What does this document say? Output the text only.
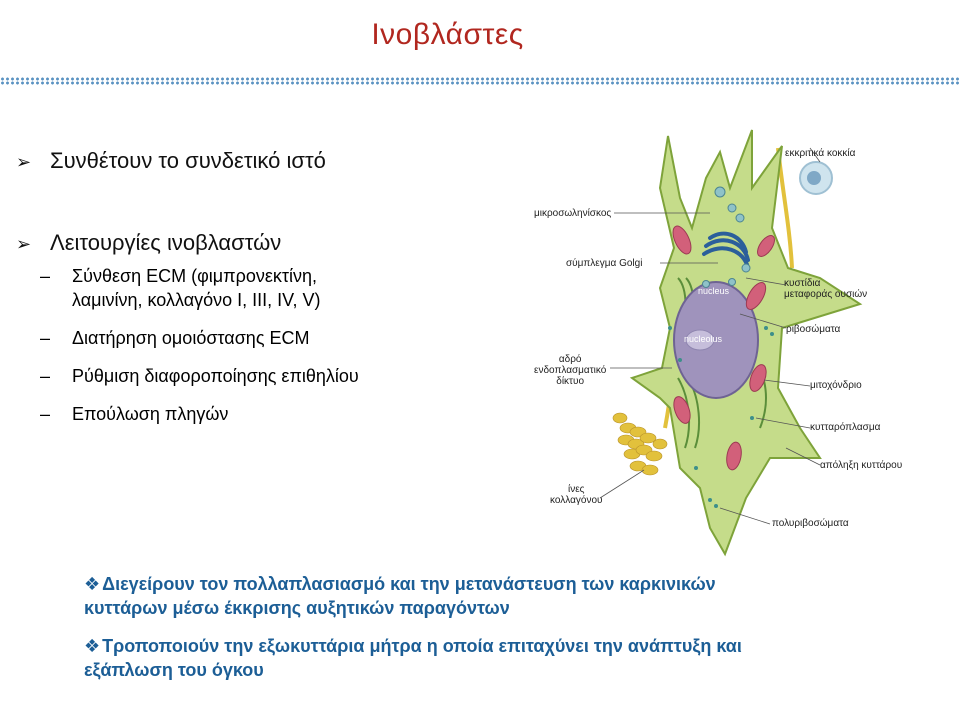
Ινοβλάστες
➢ Συνθέτουν το συνδετικό ιστό
➢ Λειτουργίες ινοβλαστών
– Σύνθεση ECM (φιμπρονεκτίνη,
λαμινίνη, κολλαγόνο I, III, IV, V)
– Διατήρηση ομοιόστασης ECM
– Ρύθμιση διαφοροποίησης επιθηλίου
– Επούλωση πληγών
εκκριτικά κοκκία
μικροσωληνίσκος
σύμπλεγμα Golgi
κυστίδια
μεταφοράς ουσιών
ριβοσώματα
αδρό
ενδοπλασματικό
δίκτυο	μιτοχόνδριο
κυτταρόπλασμα
απόληξη κυττάρου
ίνες
κολλαγόνου
πολυριβοσώματα
nucleus
nucleolus
❖ Διεγείρουν τον πολλαπλασιασμό και την μετανάστευση των καρκινικών
κυττάρων μέσω έκκρισης αυξητικών παραγόντων
❖ Τροποποιούν την εξωκυττάρια μήτρα η οποία επιταχύνει την ανάπτυξη και
εξάπλωση του όγκου
